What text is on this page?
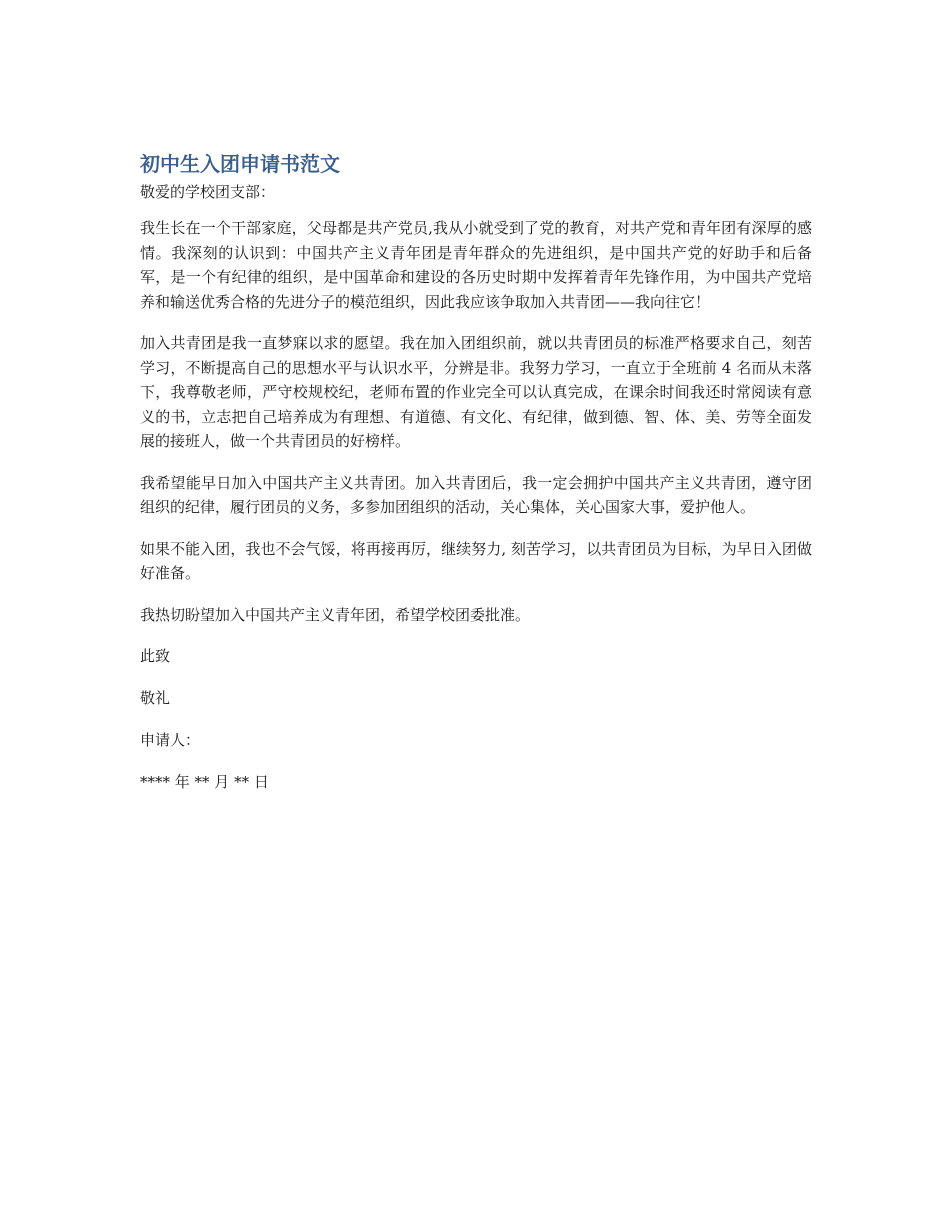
初中生入团申请书范文

敬爱的学校团支部：

我生长在一个干部家庭，父母都是共产党员,我从小就受到了党的教育，对共产党和青年团有深厚的感情。我深刻的认识到：中国共产主义青年团是青年群众的先进组织，是中国共产党的好助手和后备军，是一个有纪律的组织，是中国革命和建设的各历史时期中发挥着青年先锋作用，为中国共产党培养和输送优秀合格的先进分子的模范组织，因此我应该争取加入共青团——我向往它！

加入共青团是我一直梦寐以求的愿望。我在加入团组织前，就以共青团员的标准严格要求自己，刻苦学习，不断提高自己的思想水平与认识水平，分辨是非。我努力学习，一直立于全班前 4 名而从未落下，我尊敬老师，严守校规校纪，老师布置的作业完全可以认真完成，在课余时间我还时常阅读有意义的书，立志把自己培养成为有理想、有道德、有文化、有纪律，做到德、智、体、美、劳等全面发展的接班人，做一个共青团员的好榜样。

我希望能早日加入中国共产主义共青团。加入共青团后，我一定会拥护中国共产主义共青团，遵守团组织的纪律，履行团员的义务，多参加团组织的活动，关心集体，关心国家大事，爱护他人。

如果不能入团，我也不会气馁，将再接再厉，继续努力, 刻苦学习，以共青团员为目标，为早日入团做好准备。

我热切盼望加入中国共产主义青年团，希望学校团委批准。

此致

敬礼

申请人：

**** 年 ** 月 ** 日
